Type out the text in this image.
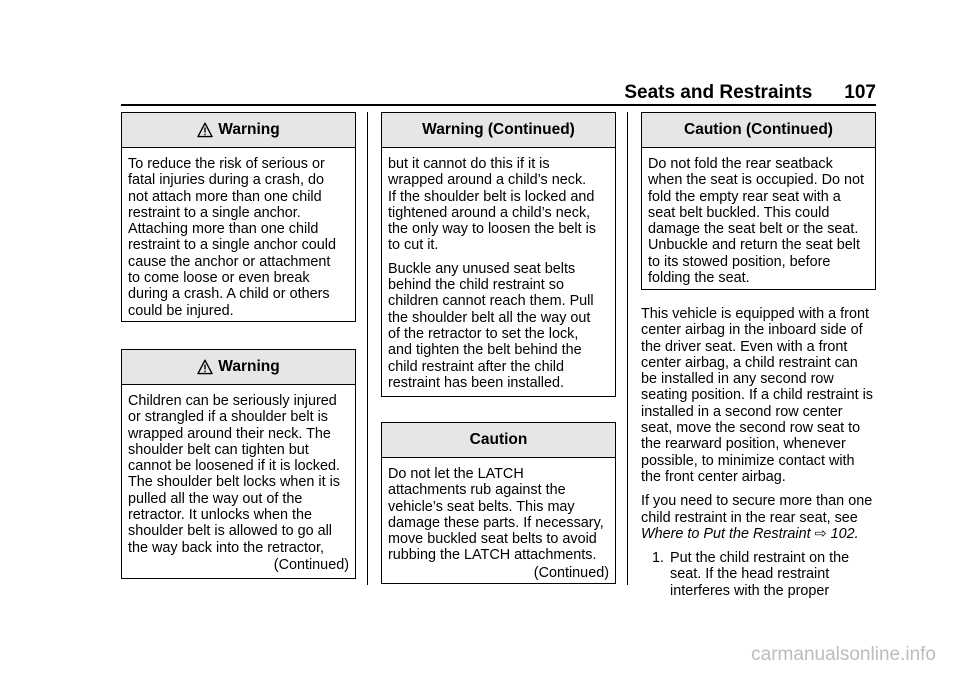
Seats and Restraints 107
Warning

To reduce the risk of serious or
fatal injuries during a crash, do
not attach more than one child
restraint to a single anchor.
Attaching more than one child
restraint to a single anchor could
cause the anchor or attachment
to come loose or even break
during a crash. A child or others
could be injured.

Warning

Children can be seriously injured
or strangled if a shoulder belt is
wrapped around their neck. The
shoulder belt can tighten but
cannot be loosened if it is locked.
The shoulder belt locks when it is
pulled all the way out of the
retractor. It unlocks when the
shoulder belt is allowed to go all
the way back into the retractor,

(Continued)
Warning (Continued)

but it cannot do this if it is
wrapped around a child’s neck.
If the shoulder belt is locked and
tightened around a child’s neck,
the only way to loosen the belt is
to cut it.

Buckle any unused seat belts
behind the child restraint so
children cannot reach them. Pull
the shoulder belt all the way out
of the retractor to set the lock,
and tighten the belt behind the
child restraint after the child
restraint has been installed.

Caution

Do not let the LATCH
attachments rub against the
vehicle’s seat belts. This may
damage these parts. If necessary,
move buckled seat belts to avoid
rubbing the LATCH attachments.

(Continued)
Caution (Continued)

Do not fold the rear seatback
when the seat is occupied. Do not
fold the empty rear seat with a
seat belt buckled. This could
damage the seat belt or the seat.
Unbuckle and return the seat belt
to its stowed position, before
folding the seat.

This vehicle is equipped with a front
center airbag in the inboard side of
the driver seat. Even with a front
center airbag, a child restraint can
be installed in any second row
seating position. If a child restraint is
installed in a second row center
seat, move the second row seat to
the rearward position, whenever
possible, to minimize contact with
the front center airbag.

If you need to secure more than one
child restraint in the rear seat, see
Where to Put the Restraint ⇨ 102.

1. Put the child restraint on the
seat. If the head restraint
interferes with the proper
carmanualsonline.info
